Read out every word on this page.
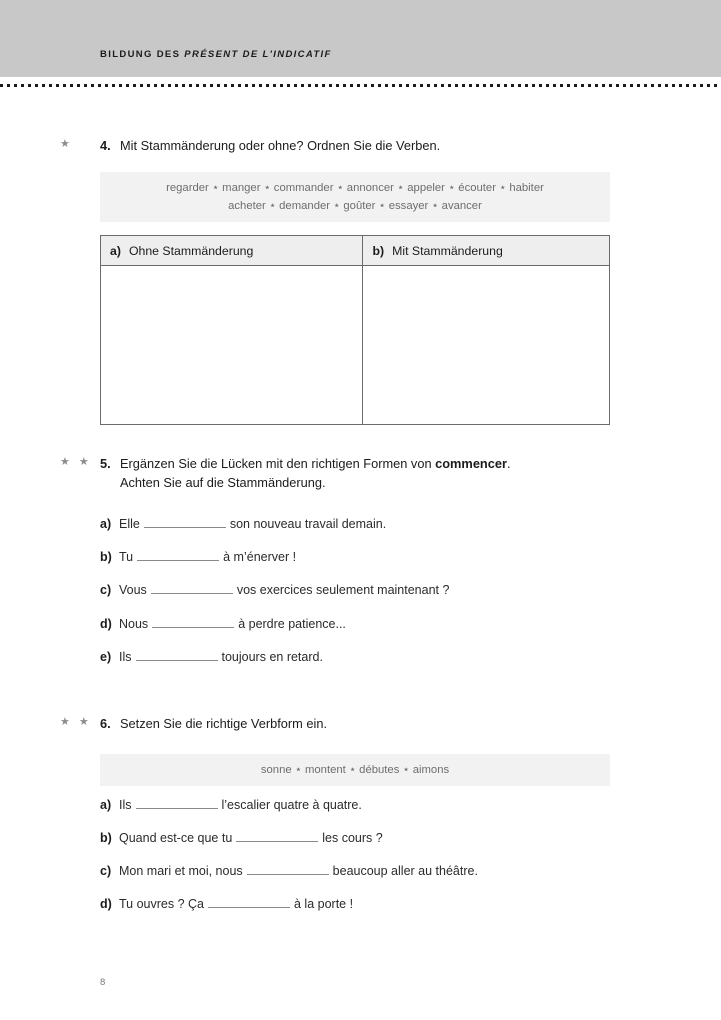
BILDUNG DES PRÉSENT DE L'INDICATIF
★ 4. Mit Stammänderung oder ohne? Ordnen Sie die Verben.
regarder ⋆ manger ⋆ commander ⋆ annoncer ⋆ appeler ⋆ écouter ⋆ habiter
acheter ⋆ demander ⋆ goûter ⋆ essayer ⋆ avancer
a) Ohne Stammänderung	b) Mit Stammänderung
★ ★ 5. Ergänzen Sie die Lücken mit den richtigen Formen von commencer.
Achten Sie auf die Stammänderung.
a) Elle	son nouveau travail demain.
b) Tu	à m’énerver !
c) Vous	vos exercices seulement maintenant ?
d) Nous	à perdre patience...
e) Ils	toujours en retard.
★ ★ 6. Setzen Sie die richtige Verbform ein.
sonne ⋆ montent ⋆ débutes ⋆ aimons
a) Ils	l’escalier quatre à quatre.
b) Quand est-ce que tu	les cours ?
c) Mon mari et moi, nous	beaucoup aller au théâtre.
d) Tu ouvres ? Ça	à la porte !
8
